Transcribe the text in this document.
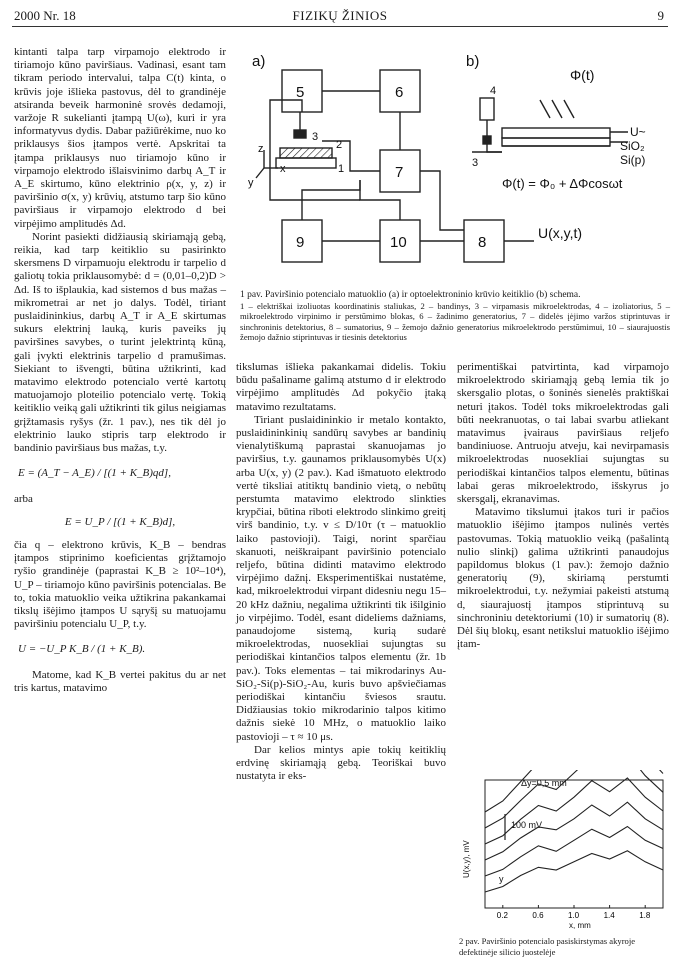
2000 Nr. 18	FIZIKŲ ŽINIOS	9

kintanti talpa tarp virpamojo elektrodo ir tiriamojo kūno paviršiaus. Vadinasi, esant tam tikram periodo intervalui, talpa C(t) kinta, o krūvis joje išlieka pastovus, dėl to grandinėje atsiranda beveik harmoninė srovės dedamoji, varžoje R sukelianti įtampą U(ω), kuri ir yra informatyvus dydis. Dabar pažiūrėkime, nuo ko priklausys šios įtampos vertė. Apskritai ta įtampa priklausys nuo tiriamojo kūno ir virpamojo elektrodo išlaisvinimo darbų A_T ir A_E skirtumo, kūno elektrinio ρ(x, y, z) ir paviršinio σ(x, y) krūvių, atstumo tarp šio kūno paviršiaus ir virpamojo elektrodo d bei virpėjimo amplitudės Δd.

Norint pasiekti didžiausią skiriamąją gebą, reikia, kad tarp keitiklio su pasirinkto skersmens D virpamuoju elektrodu ir tarpelio d galiotų tokia priklausomybė: d = (0,01–0,2)D > Δd. Iš to išplaukia, kad sistemos d bus mažas – mikrometrai ar net jo dalys. Todėl, tiriant puslaidininkius, darbų A_T ir A_E skirtumas sukurs elektrinį lauką, kuris paveiks jų paviršines savybes, o turint jelektrintą kūną, gali įvykti elektrinis tarpelio d pramušimas. Siekiant to išvengti, būtina užtikrinti, kad matavimo elektrodo potencialo vertė kartotų matuojamojo ploteilio potencialo vertę. Tokią keitiklio veiką gali užtikrinti tik gilus neigiamas grįžtamasis ryšys (žr. 1 pav.), nes tik dėl jo elektrinio lauko stipris tarp elektrodo ir bandinio paviršiaus bus mažas, t.y.

E = (A_T − A_E) / [(1 + K_B)qd],

arba

E = U_P / [(1 + K_B)d],

čia q – elektrono krūvis, K_B – bendras įtampos stiprinimo koeficientas grįžtamojo ryšio grandinėje (paprastai K_B ≥ 10²–10⁴), U_P – tiriamojo kūno paviršinis potencialas. Be to, tokia matuoklio veika užtikrina pakankamai tikslų išėjimo įtampos U sąryšį su matuojamu paviršiniu potencialu U_P, t.y.

U = −U_P K_B / (1 + K_B).

Matome, kad K_B vertei pakitus du ar net tris kartus, matavimo

a)	b)
5	6
7
8
9	10
3
2
1
4
3
z
y
x
U(x,y,t)
Φ(t)
U~
SiO₂
Si(p)
Φ(t) = Φ₀ + ΔΦcosωt
1 pav. Paviršinio potencialo matuoklio (a) ir optoelektroninio krūvio keitiklio (b) schema.
1 – elektriškai izoliuotas koordinatinis staliukas, 2 – bandinys, 3 – virpamasis mikroelektrodas, 4 – izoliatorius, 5 – mikroelektrodo virpinimo ir perstūmimo blokas, 6 – žadinimo generatorius, 7 – didelės įėjimo varžos stiprintuvas ir sinchroninis detektorius, 8 – sumatorius, 9 – žemojo dažnio generatorius mikroelektrodo perstūmimui, 10 – siaurajuostis žemojo dažnio stiprintuvas ir tiesinis detektorius

tikslumas išlieka pakankamai didelis. Tokiu būdu pašaliname galimą atstumo d ir elektrodo virpėjimo amplitudės Δd pokyčio įtaką matavimo rezultatams.

Tiriant puslaidininkio ir metalo kontakto, puslaidininkinių sandūrų savybes ar bandinių vienalytiškumą paprastai skanuojamas jo paviršius, t.y. gaunamos priklausomybės U(x) arba U(x, y) (2 pav.). Kad išmatuoto elektrodo vertė tiksliai atitiktų bandinio vietą, o nebūtų perstumta matavimo elektrodo slinkties krypčiai, būtina riboti elektrodo slinkimo greitį virš bandinio, t.y. v ≤ D/10τ (τ – matuoklio laiko pastovioji). Taigi, norint sparčiau skanuoti, neiškraipant paviršinio potencialo reljefo, būtina didinti matavimo elektrodo virpėjimo dažnį. Eksperimentiškai nustatėme, kad, mikroelektrodui virpant didesniu negu 15–20 kHz dažniu, negalima užtikrinti tik išilginio jo virpėjimo. Todėl, esant dideliems dažniams, panaudojome sistemą, kurią sudarė mikroelektrodas, nuosekliai sujungtas su periodiškai kintančios talpos elementu (žr. 1b pav.). Toks elementas – tai mikrodarinys Au-SiO₂-Si(p)-SiO₂-Au, kuris buvo apšviečiamas periodiškai kintančiu šviesos srautu. Didžiausias tokio mikrodarinio talpos kitimo dažnis siekė 10 MHz, o matuoklio laiko pastovioji – τ ≈ 10 μs.

Dar kelios mintys apie tokių keitiklių erdvinę skiriamąją gebą. Teoriškai buvo nustatyta ir eks-

perimentiškai patvirtinta, kad virpamojo mikroelektrodo skiriamąją gebą lemia tik jo skersgalio plotas, o šoninės sienelės praktiškai neturi įtakos. Todėl toks mikroelektrodas gali būti neekranuotas, o tai labai svarbu atliekant matavimus įvairaus paviršiaus reljefo bandiniuose. Antruoju atveju, kai nevirpamasis mikroelektrodas nuosekliai sujungtas su periodiškai kintančios talpos elementu, būtinas labai geras mikroelektrodo, išskyrus jo skersgalį, ekranavimas.

Matavimo tikslumui įtakos turi ir pačios matuoklio išėjimo įtampos nulinės vertės pastovumas. Tokią matuoklio veiką (pašalintą nulio slinkį) galima užtikrinti panaudojus papildomus blokus (1 pav.): žemojo dažnio generatorių (9), skiriamą perstumti mikroelektrodui, t.y. nežymiai pakeisti atstumą d, siaurajuostį įtampos stiprintuvą su sinchroniniu detektoriumi (10) ir sumatorių (8). Dėl šių blokų, esant netikslui matuoklio išėjimo įtam-

Δy=0,5 mm
100 mV
U(x,y), mV
x, mm
y
0.2	0.6	1.0	1.4	1.8
2 pav. Paviršinio potencialo pasiskirstymas akyroje defektinėje silicio juostelėje
